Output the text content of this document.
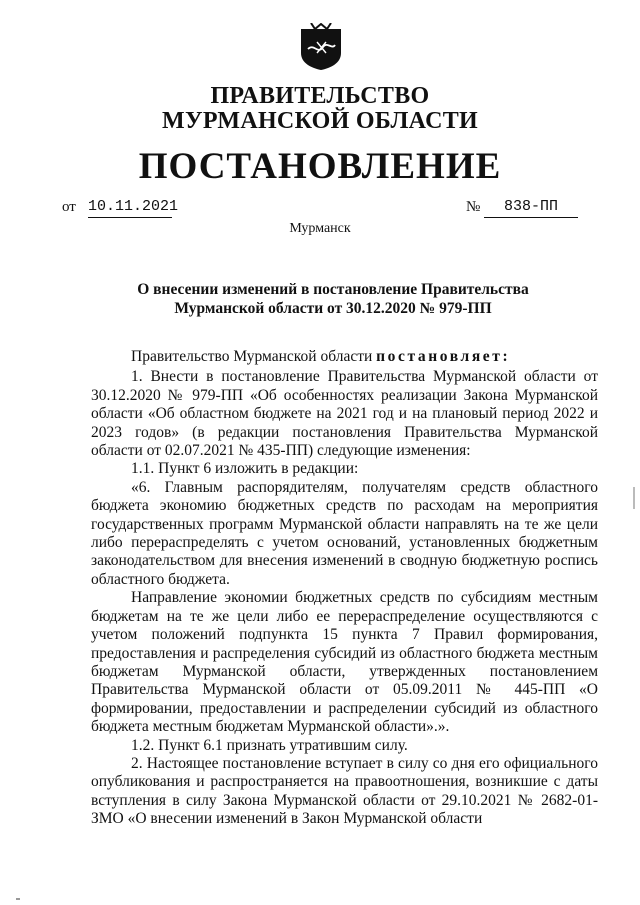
ПРАВИТЕЛЬСТВО
МУРМАНСКОЙ ОБЛАСТИ
ПОСТАНОВЛЕНИЕ
от 10.11.2021	№	838-ПП
Мурманск
О внесении изменений в постановление Правительства
Мурманской области от 30.12.2020 № 979-ПП

Правительство Мурманской области постановляет:

1. Внести в постановление Правительства Мурманской области от 30.12.2020 № 979-ПП «Об особенностях реализации Закона Мурманской области «Об областном бюджете на 2021 год и на плановый период 2022 и 2023 годов» (в редакции постановления Правительства Мурманской области от 02.07.2021 № 435-ПП) следующие изменения:

1.1. Пункт 6 изложить в редакции:

«6. Главным распорядителям, получателям средств областного бюджета экономию бюджетных средств по расходам на мероприятия государственных программ Мурманской области направлять на те же цели либо перераспределять с учетом оснований, установленных бюджетным законодательством для внесения изменений в сводную бюджетную роспись областного бюджета.

Направление экономии бюджетных средств по субсидиям местным бюджетам на те же цели либо ее перераспределение осуществляются с учетом положений подпункта 15 пункта 7 Правил формирования, предоставления и распределения субсидий из областного бюджета местным бюджетам Мурманской области, утвержденных постановлением Правительства Мурманской области от 05.09.2011 № 445-ПП «О формировании, предоставлении и распределении субсидий из областного бюджета местным бюджетам Мурманской области».».

1.2. Пункт 6.1 признать утратившим силу.

2. Настоящее постановление вступает в силу со дня его официального опубликования и распространяется на правоотношения, возникшие с даты вступления в силу Закона Мурманской области от 29.10.2021 № 2682-01-ЗМО «О внесении изменений в Закон Мурманской области
